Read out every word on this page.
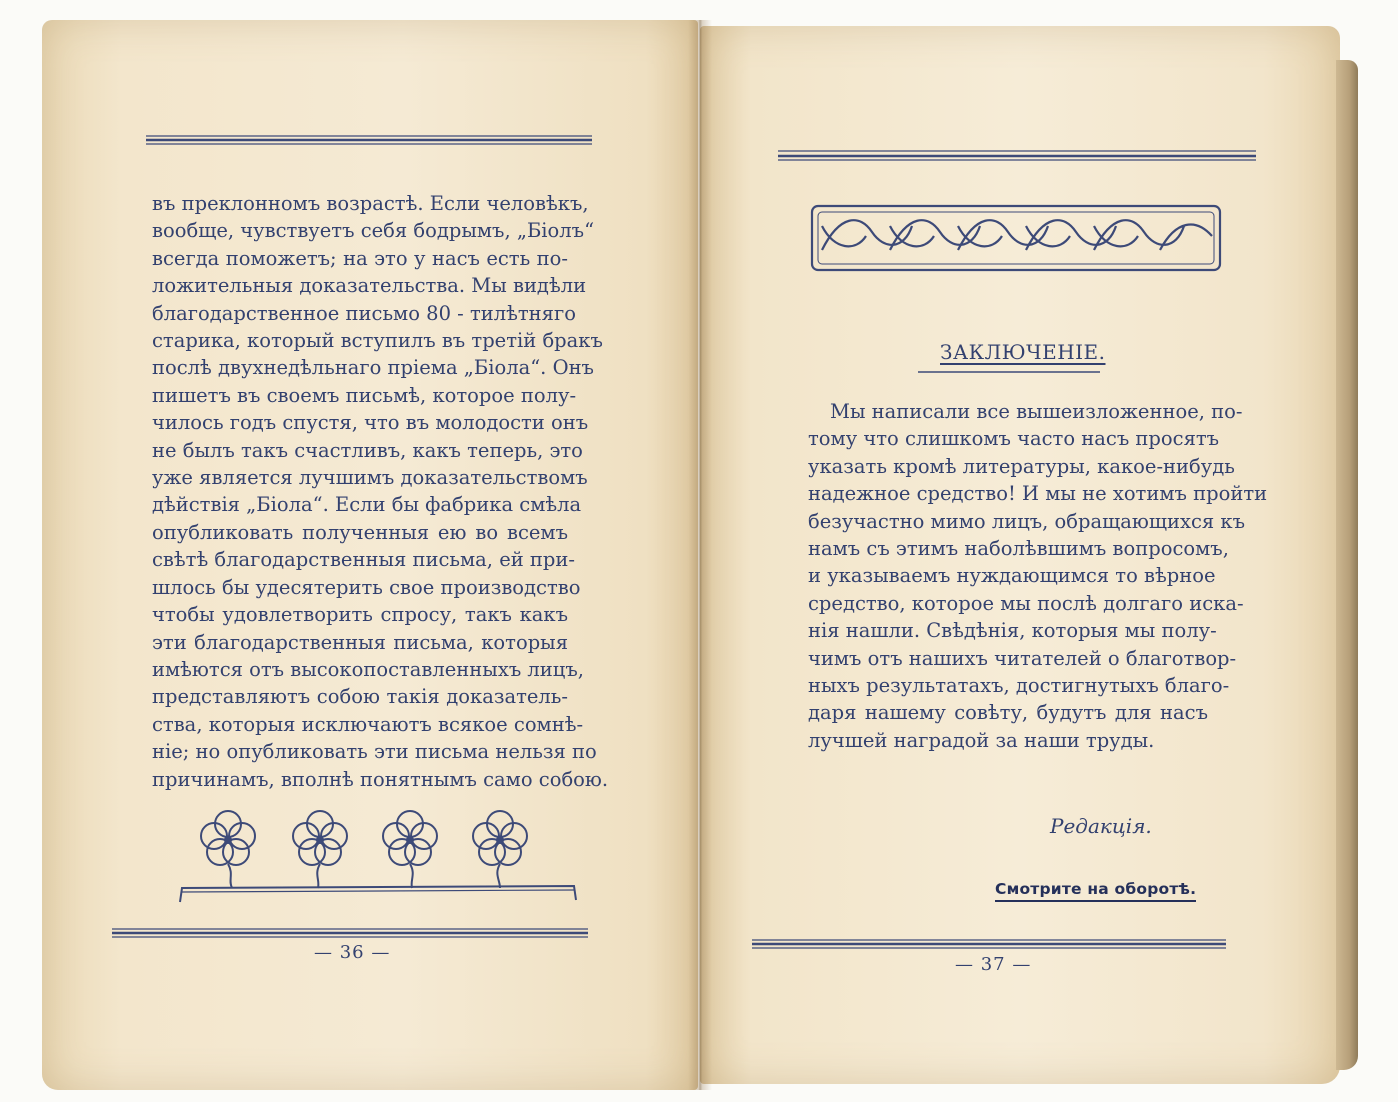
въ преклонномъ возрастѣ. Если человѣкъ,
вообще, чувствуетъ себя бодрымъ, „Біолъ“
всегда поможетъ; на это у насъ есть по-
ложительныя доказательства. Мы видѣли
благодарственное письмо 80 - тилѣтняго
старика, который вступилъ въ третій бракъ
послѣ двухнедѣльнаго пріема „Біола“. Онъ
пишетъ въ своемъ письмѣ, которое полу-
чилось годъ спустя, что въ молодости онъ
не былъ такъ счастливъ, какъ теперь, это
уже является лучшимъ доказательствомъ
дѣйствія „Біола“. Если бы фабрика смѣла
опубликовать полученныя ею во всемъ
свѣтѣ благодарственныя письма, ей при-
шлось бы удесятерить свое производство
чтобы удовлетворить спросу, такъ какъ
эти благодарственныя письма, которыя
имѣются отъ высокопоставленныхъ лицъ,
представляютъ собою такія доказатель-
ства, которыя исключаютъ всякое сомнѣ-
ніе; но опубликовать эти письма нельзя по
причинамъ, вполнѣ понятнымъ само собою.
— 36 —
ЗАКЛЮЧЕНІЕ.
Мы написали все вышеизложенное, по-
тому что слишкомъ часто насъ просятъ
указать кромѣ литературы, какое-нибудь
надежное средство! И мы не хотимъ пройти
безучастно мимо лицъ, обращающихся къ
намъ съ этимъ наболѣвшимъ вопросомъ,
и указываемъ нуждающимся то вѣрное
средство, которое мы послѣ долгаго иска-
нія нашли. Свѣдѣнія, которыя мы полу-
чимъ отъ нашихъ читателей о благотвор-
ныхъ результатахъ, достигнутыхъ благо-
даря нашему совѣту, будутъ для насъ
лучшей наградой за наши труды.
Редакція.
Смотрите на оборотѣ.
— 37 —
